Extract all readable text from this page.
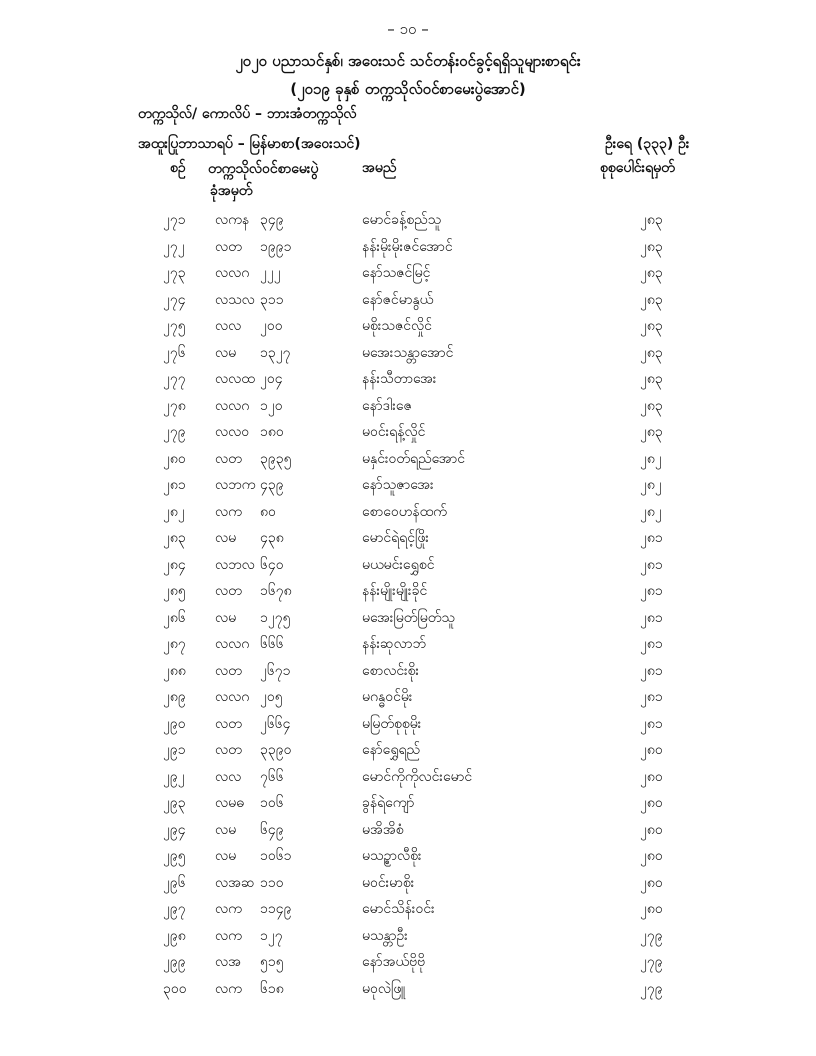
– ၁၀ –
၂၀၂၀ ပညာသင်နှစ်၊ အဝေးသင် သင်တန်းဝင်ခွင့်ရရှိသူများစာရင်း
(၂၀၁၉ ခုနှစ် တက္ကသိုလ်ဝင်စာမေးပွဲအောင်)
တက္ကသိုလ်/ ကောလိပ် – ဘားအံတက္ကသိုလ်
အထူးပြုဘာသာရပ် – မြန်မာစာ(အဝေးသင်)	ဦးရေ (၃၃၃) ဦး
စဉ် တက္ကသိုလ်ဝင်စာမေးပွဲ
ခုံအမှတ်
အမည်	စုစုပေါင်းရမှတ်
၂၇၁ လကန ၃၄၉	မောင်ခန့်စည်သူ	၂၈၃
၂၇၂ လတ ၁၉၉၁	နန်းမိုးမိုးဇင်အောင်	၂၈၃
၂၇၃ လလဂ ၂၂၂	နော်သဇင်မြင့်	၂၈၃
၂၇၄ လသလ ၃၁၁	နော်ဇင်မာနွယ်	၂၈၃
၂၇၅ လလ ၂၀၀	မစိုးသဇင်လှိုင်	၂၈၃
၂၇၆ လမ ၁၃၂၇	မအေးသန္တာအောင်	၂၈၃
၂၇၇ လလထ ၂၀၄	နန်းသီတာအေး	၂၈၃
၂၇၈ လလဂ ၁၂၀	နော်ဒါးဇေ	၂၈၃
၂၇၉ လလဝ ၁၈၀	မဝင်းရန့်လှိုင်	၂၈၃
၂၈၀ လတ ၃၉၃၅	မနှင်းဝတ်ရည်အောင်	၂၈၂
၂၈၁ လဘက ၄၃၉	နော်သူဇာအေး	၂၈၂
၂၈၂ လက ၈၀	စောဝေဟန်ထက်	၂၈၂
၂၈၃ လမ ၄၃၈	မောင်ရဲရင့်ဖြိုး	၂၈၁
၂၈၄ လဘလ ၆၄၀	မယမင်းရွှေစင်	၂၈၁
၂၈၅ လတ ၁၆၇၈	နန်းမျိုးမျိုးခိုင်	၂၈၁
၂၈၆ လမ ၁၂၇၅	မအေးမြတ်မြတ်သူ	၂၈၁
၂၈၇ လလဂ ၆၆၆	နန်းဆုလာဘ်	၂၈၁
၂၈၈ လတ ၂၆၇၁	စောလင်းစိုး	၂၈၁
၂၈၉ လလဂ ၂၀၅	မဂန္ဓဝင်မိုး	၂၈၁
၂၉၀ လတ ၂၆၆၄	မမြတ်စုစုမိုး	၂၈၁
၂၉၁ လတ ၃၃၉၀	နော်ရွှေရည်	၂၈၀
၂၉၂ လလ ၇၆၆	မောင်ကိုကိုလင်းမောင်	၂၈၀
၂၉၃ လမဓ ၁၀၆	ခွန်ရဲကျော်	၂၈၀
၂၉၄ လမ ၆၄၉	မအိအိစံ	၂၈၀
၂၉၅ လမ ၁၀၆၁	မသဥ္စာလီစိုး	၂၈၀
၂၉၆ လအဆ ၁၁၀	မဝင်းမာစိုး	၂၈၀
၂၉၇ လက ၁၁၄၉	မောင်သိန်းဝင်း	၂၈၀
၂၉၈ လက ၁၂၇	မသန္တာဦး	၂၇၉
၂၉၉ လအ ၅၁၅	နော်အယ်ဗိုဗို	၂၇၉
၃၀၀ လက ၆၁၈	မဝုလဲဖြူ	၂၇၉
